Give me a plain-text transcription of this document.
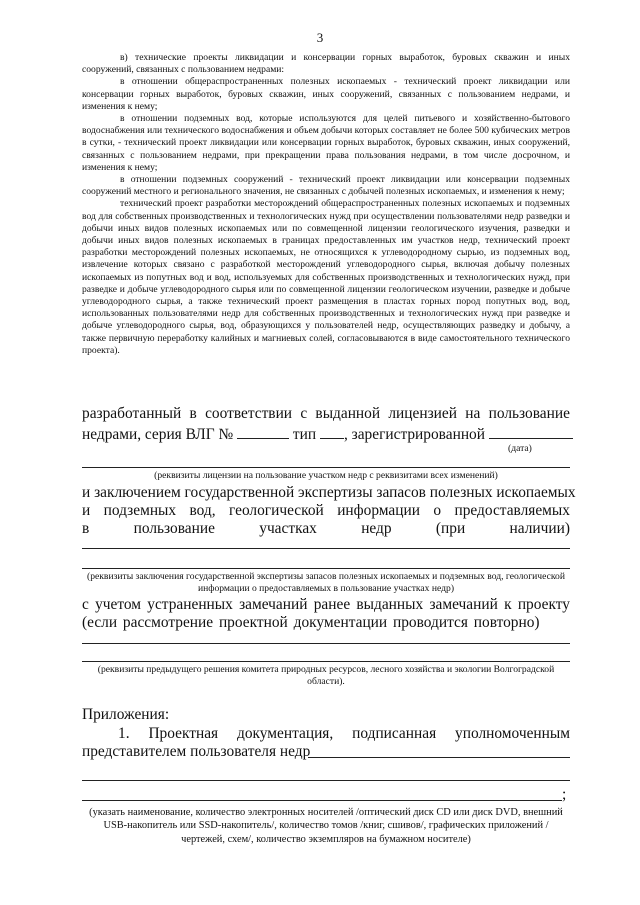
3

в) технические проекты ликвидации и консервации горных выработок, буровых скважин и иных сооружений, связанных с пользованием недрами:

в отношении общераспространенных полезных ископаемых - технический проект ликвидации или консервации горных выработок, буровых скважин, иных сооружений, связанных с пользованием недрами, и изменения к нему;

в отношении подземных вод, которые используются для целей питьевого и хозяйственно-бытового водоснабжения или технического водоснабжения и объем добычи которых составляет не более 500 кубических метров в сутки, - технический проект ликвидации или консервации горных выработок, буровых скважин, иных сооружений, связанных с пользованием недрами, при прекращении права пользования недрами, в том числе досрочном, и изменения к нему;

в отношении подземных сооружений - технический проект ликвидации или консервации подземных сооружений местного и регионального значения, не связанных с добычей полезных ископаемых, и изменения к нему;

технический проект разработки месторождений общераспространенных полезных ископаемых и подземных вод для собственных производственных и технологических нужд при осуществлении пользователями недр разведки и добычи иных видов полезных ископаемых или по совмещенной лицензии геологического изучения, разведки и добычи иных видов полезных ископаемых в границах предоставленных им участков недр, технический проект разработки месторождений полезных ископаемых, не относящихся к углеводородному сырью, из подземных вод, извлечение которых связано с разработкой месторождений углеводородного сырья, включая добычу полезных ископаемых из попутных вод и вод, используемых для собственных производственных и технологических нужд, при разведке и добыче углеводородного сырья или по совмещенной лицензии геологическом изучении, разведке и добыче углеводородного сырья, а также технический проект размещения в пластах горных пород попутных вод, вод, использованных пользователями недр для собственных производственных и технологических нужд при разведке и добыче углеводородного сырья, вод, образующихся у пользователей недр, осуществляющих разведку и добычу, а также первичную переработку калийных и магниевых солей, согласовываются в виде самостоятельного технического проекта).

разработанный в соответствии с выданной лицензией на пользование
недрами, серия ВЛГ №	тип , зарегистрированной
(дата)
(реквизиты лицензии на пользование участком недр с реквизитами всех изменений)
и заключением государственной экспертизы запасов полезных ископаемых
и подземных вод, геологической информации о предоставляемых
в	пользование	участках	недр	(при	наличии)
(реквизиты заключения государственной экспертизы запасов полезных ископаемых и подземных вод, геологической информации о предоставляемых в пользование участках недр)
с учетом устраненных замечаний ранее выданных замечаний к проекту
(если рассмотрение проектной документации проводится повторно)
(реквизиты предыдущего решения комитета природных ресурсов, лесного хозяйства и экологии Волгоградской области).
Приложения:
1. Проектная документация, подписанная уполномоченным
представителем пользователя недр
;
(указать наименование, количество электронных носителей /оптический диск CD или диск DVD, внешний USB-накопитель или SSD-накопитель/, количество томов /книг, сшивов/, графических приложений /чертежей, схем/, количество экземпляров на бумажном носителе)
